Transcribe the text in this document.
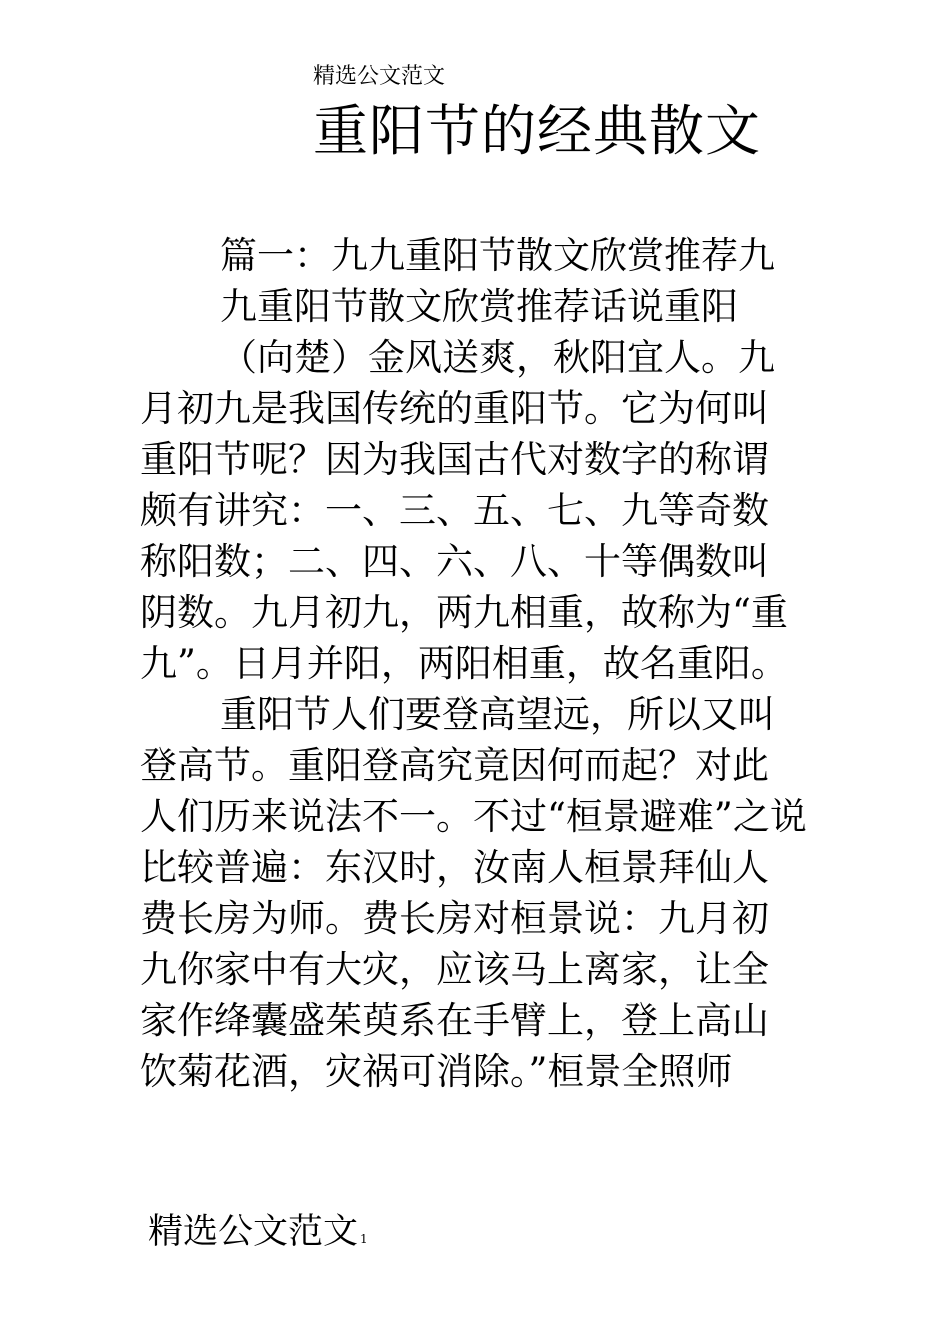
精选公文范文
重阳节的经典散文
篇一：九九重阳节散文欣赏推荐九
九重阳节散文欣赏推荐话说重阳
（向楚）金风送爽，秋阳宜人。九
月初九是我国传统的重阳节。它为何叫
重阳节呢？因为我国古代对数字的称谓
颇有讲究：一、三、五、七、九等奇数
称阳数；二、四、六、八、十等偶数叫
阴数。九月初九，两九相重，故称为“重
九”。日月并阳，两阳相重，故名重阳。
重阳节人们要登高望远，所以又叫
登高节。重阳登高究竟因何而起？对此
人们历来说法不一。不过“桓景避难”之说
比较普遍：东汉时，汝南人桓景拜仙人
费长房为师。费长房对桓景说：九月初
九你家中有大灾，应该马上离家，让全
家作绛囊盛茱萸系在手臂上，登上高山
饮菊花酒，灾祸可消除。”桓景全照师
精选公文范文 1
